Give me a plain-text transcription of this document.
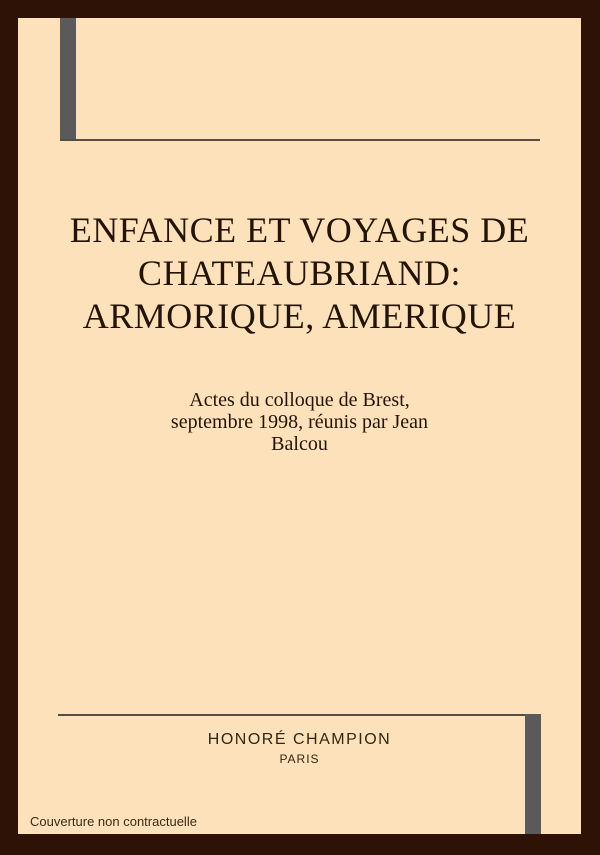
ENFANCE ET VOYAGES DE
CHATEAUBRIAND:
ARMORIQUE, AMERIQUE
Actes du colloque de Brest,
septembre 1998, réunis par Jean
Balcou
HONORÉ CHAMPION
PARIS
Couverture non contractuelle
